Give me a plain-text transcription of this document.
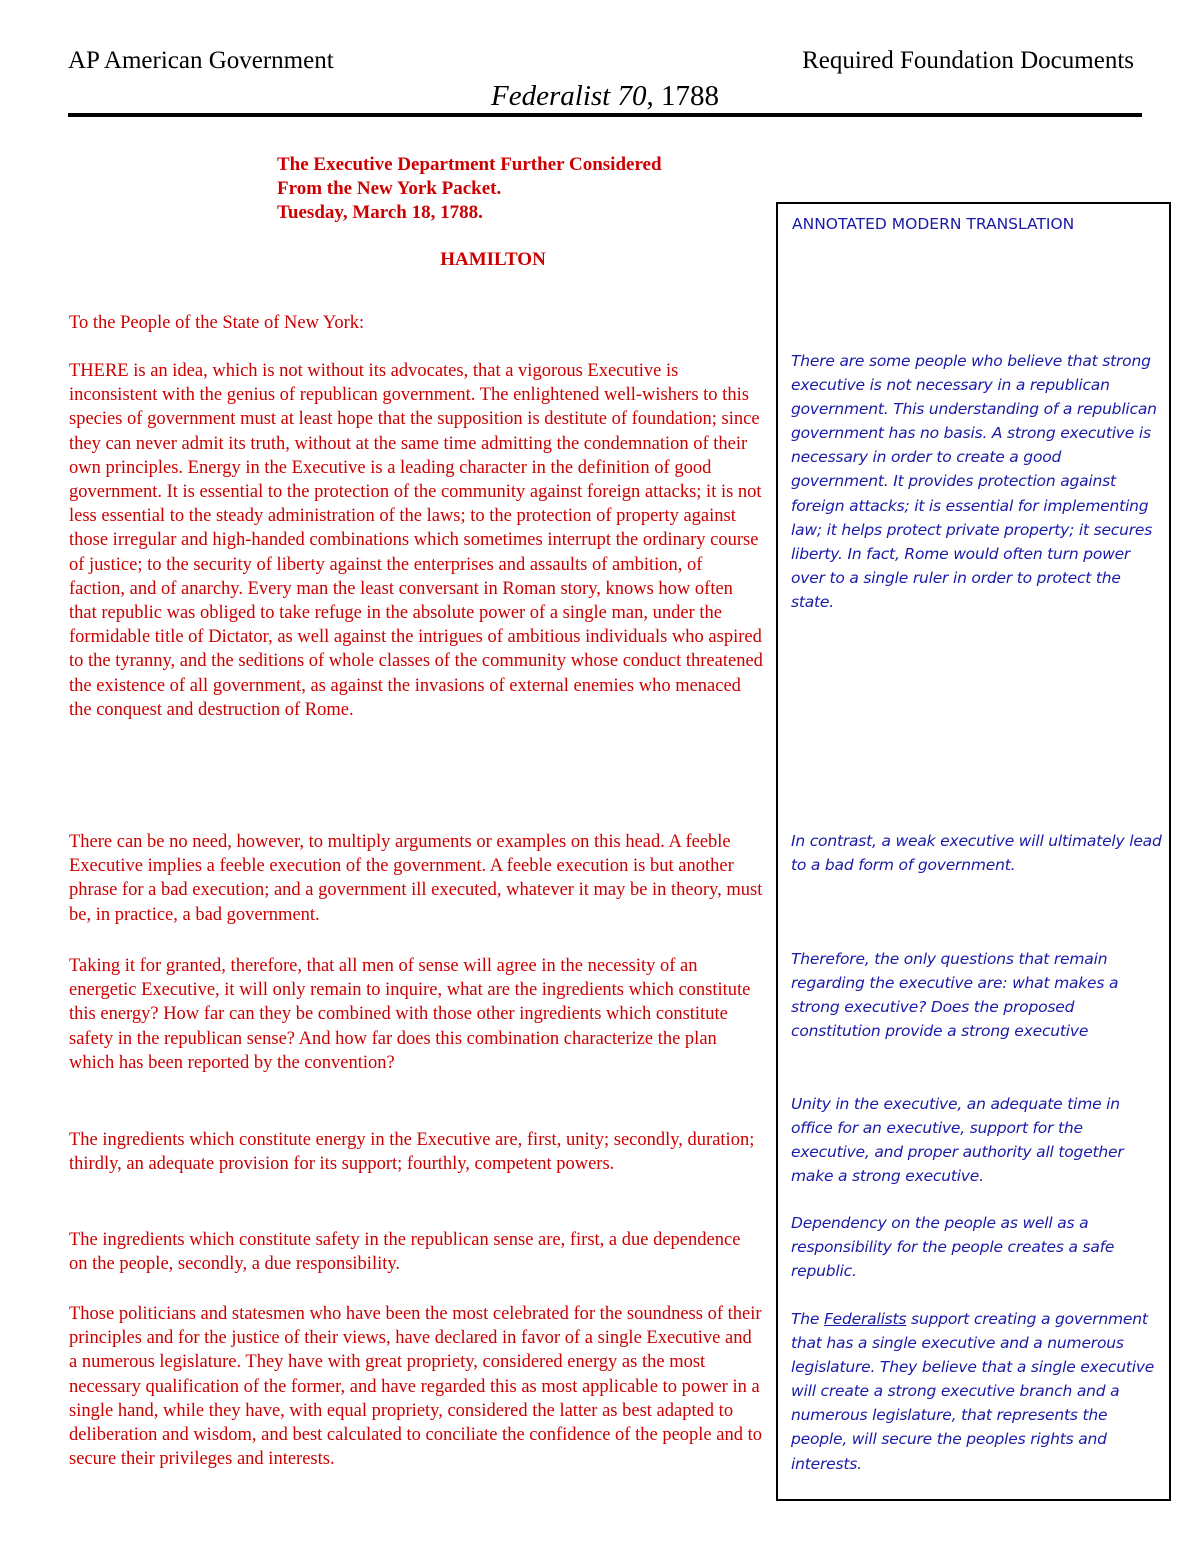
AP American Government	Required Foundation Documents
Federalist 70, 1788
The Executive Department Further Considered
From the New York Packet.
Tuesday, March 18, 1788.
HAMILTON

To the People of the State of New York:

THERE is an idea, which is not without its advocates, that a vigorous Executive is inconsistent with the genius of republican government. The enlightened well-wishers to this species of government must at least hope that the supposition is destitute of foundation; since they can never admit its truth, without at the same time admitting the condemnation of their own principles. Energy in the Executive is a leading character in the definition of good government. It is essential to the protection of the community against foreign attacks; it is not less essential to the steady administration of the laws; to the protection of property against those irregular and high-handed combinations which sometimes interrupt the ordinary course of justice; to the security of liberty against the enterprises and assaults of ambition, of faction, and of anarchy. Every man the least conversant in Roman story, knows how often that republic was obliged to take refuge in the absolute power of a single man, under the formidable title of Dictator, as well against the intrigues of ambitious individuals who aspired to the tyranny, and the seditions of whole classes of the community whose conduct threatened the existence of all government, as against the invasions of external enemies who menaced the conquest and destruction of Rome.

There can be no need, however, to multiply arguments or examples on this head. A feeble Executive implies a feeble execution of the government. A feeble execution is but another phrase for a bad execution; and a government ill executed, whatever it may be in theory, must be, in practice, a bad government.

Taking it for granted, therefore, that all men of sense will agree in the necessity of an energetic Executive, it will only remain to inquire, what are the ingredients which constitute this energy? How far can they be combined with those other ingredients which constitute safety in the republican sense? And how far does this combination characterize the plan which has been reported by the convention?

The ingredients which constitute energy in the Executive are, first, unity; secondly, duration; thirdly, an adequate provision for its support; fourthly, competent powers.

The ingredients which constitute safety in the republican sense are, first, a due dependence on the people, secondly, a due responsibility.

Those politicians and statesmen who have been the most celebrated for the soundness of their principles and for the justice of their views, have declared in favor of a single Executive and a numerous legislature. They have with great propriety, considered energy as the most necessary qualification of the former, and have regarded this as most applicable to power in a single hand, while they have, with equal propriety, considered the latter as best adapted to deliberation and wisdom, and best calculated to conciliate the confidence of the people and to secure their privileges and interests.

ANNOTATED MODERN TRANSLATION

There are some people who believe that strong executive is not necessary in a republican government. This understanding of a republican government has no basis. A strong executive is necessary in order to create a good government. It provides protection against foreign attacks; it is essential for implementing law; it helps protect private property; it secures liberty. In fact, Rome would often turn power over to a single ruler in order to protect the state.

In contrast, a weak executive will ultimately lead to a bad form of government.

Therefore, the only questions that remain regarding the executive are: what makes a strong executive? Does the proposed constitution provide a strong executive

Unity in the executive, an adequate time in office for an executive, support for the executive, and proper authority all together make a strong executive.

Dependency on the people as well as a responsibility for the people creates a safe republic.

The Federalists support creating a government that has a single executive and a numerous legislature. They believe that a single executive will create a strong executive branch and a numerous legislature, that represents the people, will secure the peoples rights and interests.
